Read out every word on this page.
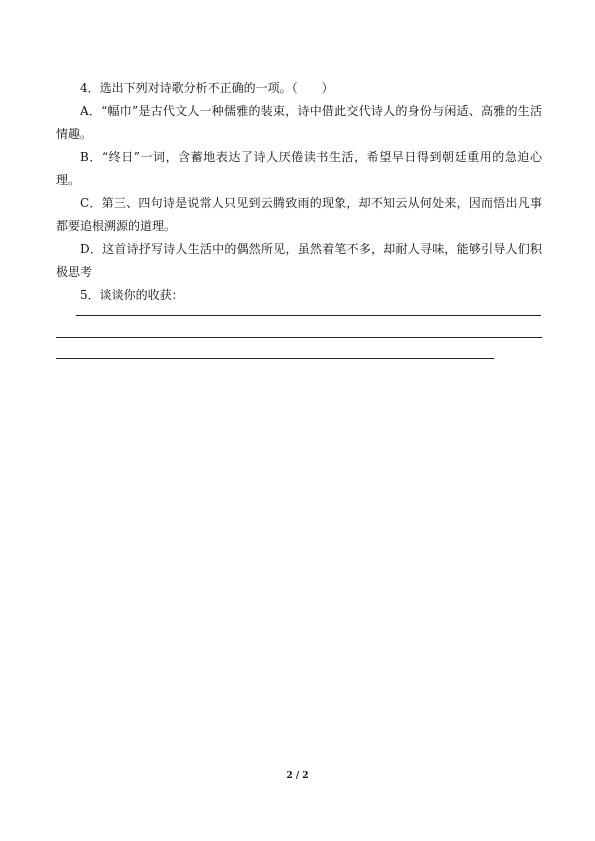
4．选出下列对诗歌分析不正确的一项。（　　）

A．“幅巾”是古代文人一种儒雅的装束，诗中借此交代诗人的身份与闲适、高雅的生活情趣。

B．“终日”一词，含蓄地表达了诗人厌倦读书生活，希望早日得到朝廷重用的急迫心理。

C．第三、四句诗是说常人只见到云腾致雨的现象，却不知云从何处来，因而悟出凡事都要追根溯源的道理。

D．这首诗抒写诗人生活中的偶然所见，虽然着笔不多，却耐人寻味，能够引导人们积极思考

5．谈谈你的收获：

2 / 2
